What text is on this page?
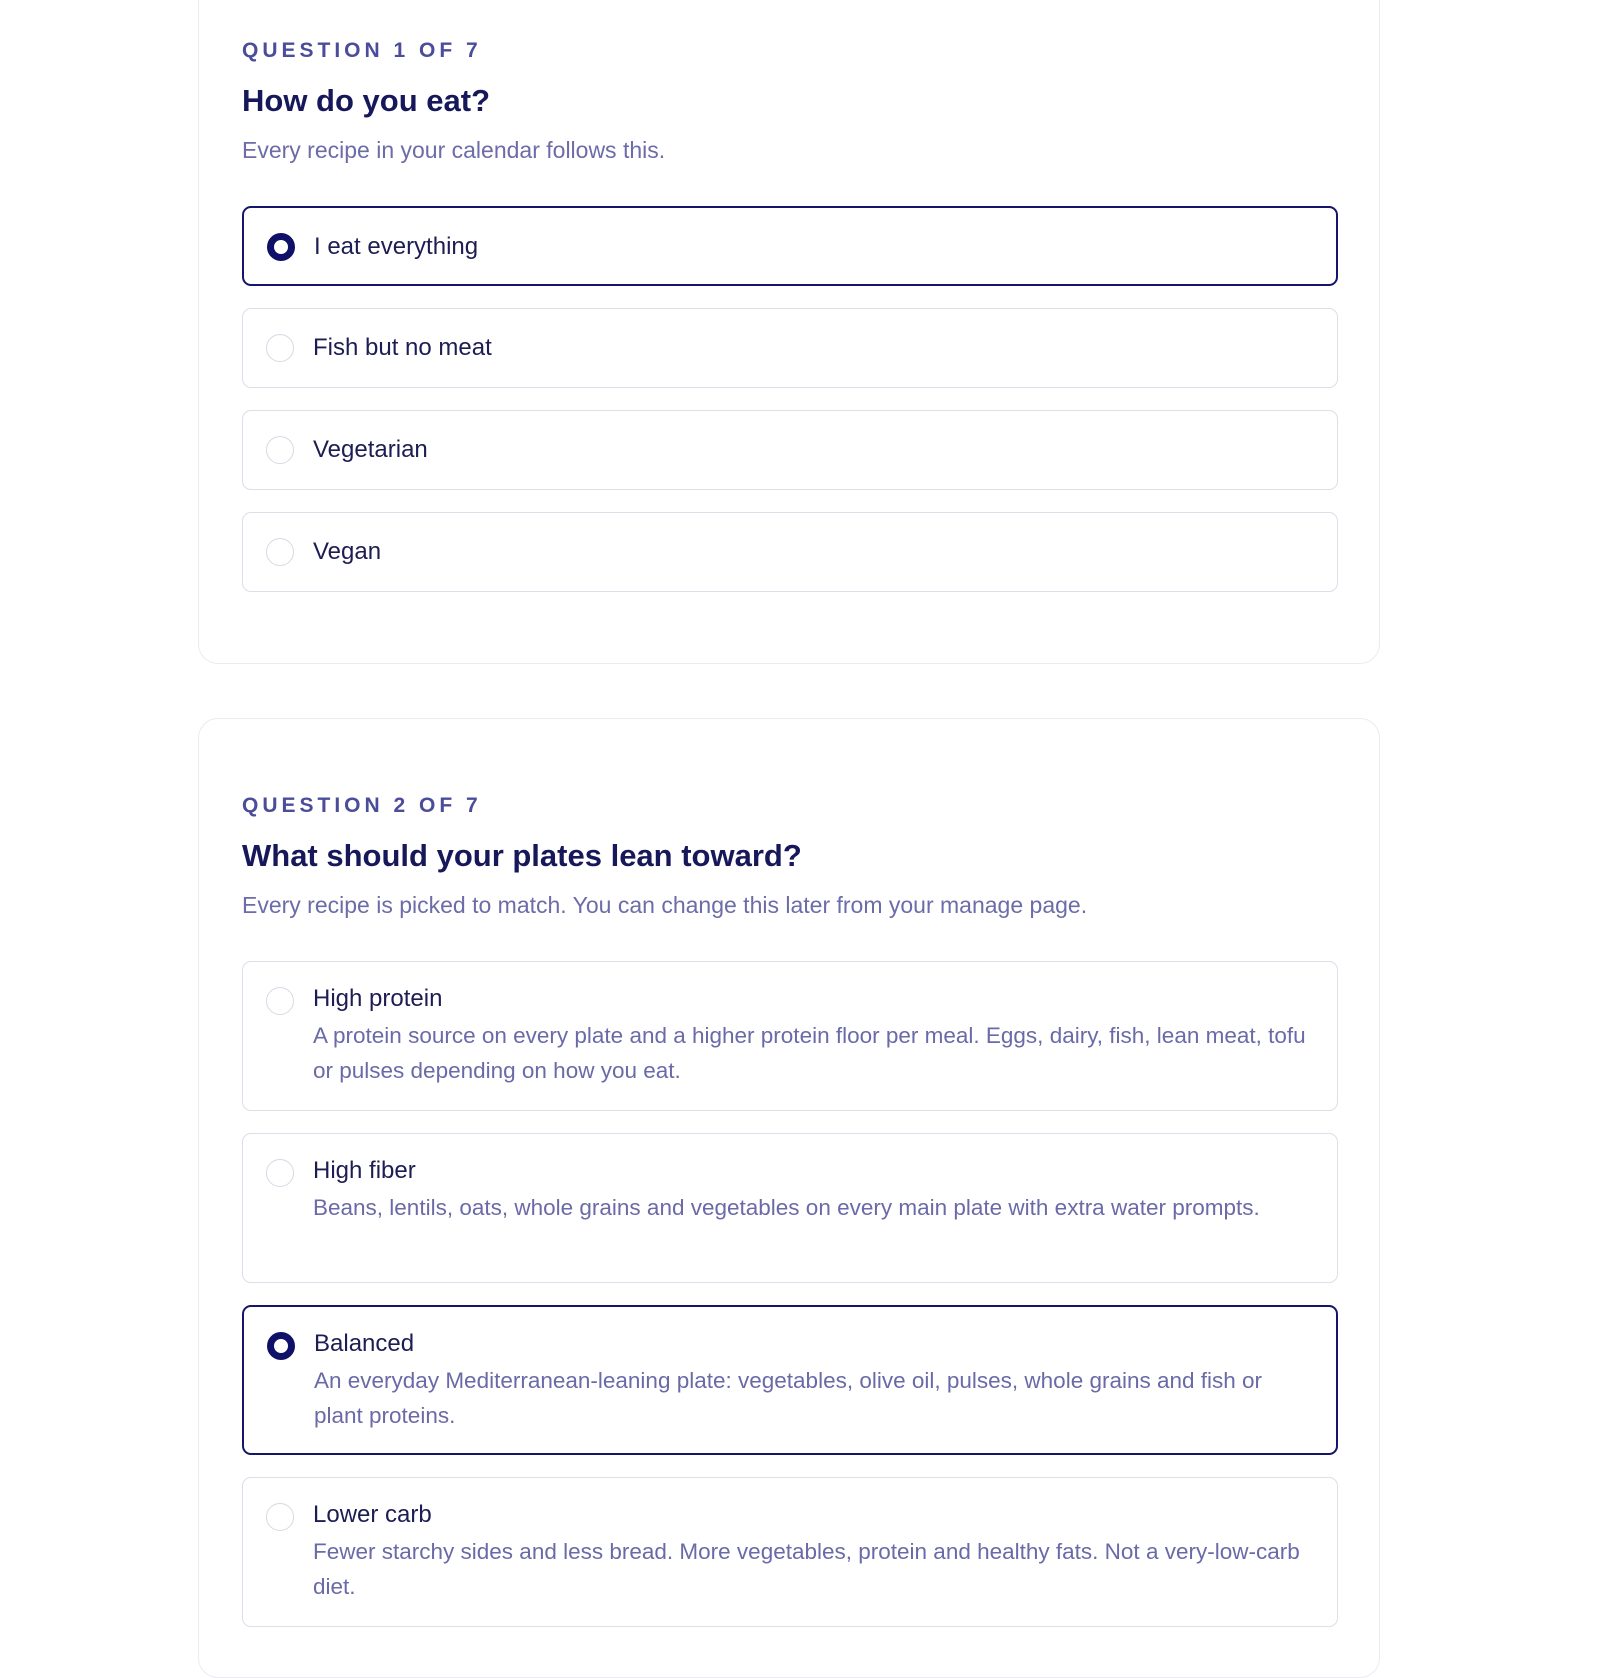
QUESTION 1 OF 7
How do you eat?

Every recipe in your calendar follows this.

I eat everything
Fish but no meat
Vegetarian
Vegan
QUESTION 2 OF 7
What should your plates lean toward?

Every recipe is picked to match. You can change this later from your manage page.

High protein
A protein source on every plate and a higher protein floor per meal. Eggs, dairy, fish, lean meat, tofu or pulses depending on how you eat.
High fiber
Beans, lentils, oats, whole grains and vegetables on every main plate with extra water prompts.
Balanced
An everyday Mediterranean-leaning plate: vegetables, olive oil, pulses, whole grains and fish or plant proteins.
Lower carb
Fewer starchy sides and less bread. More vegetables, protein and healthy fats. Not a very-low-carb diet.
